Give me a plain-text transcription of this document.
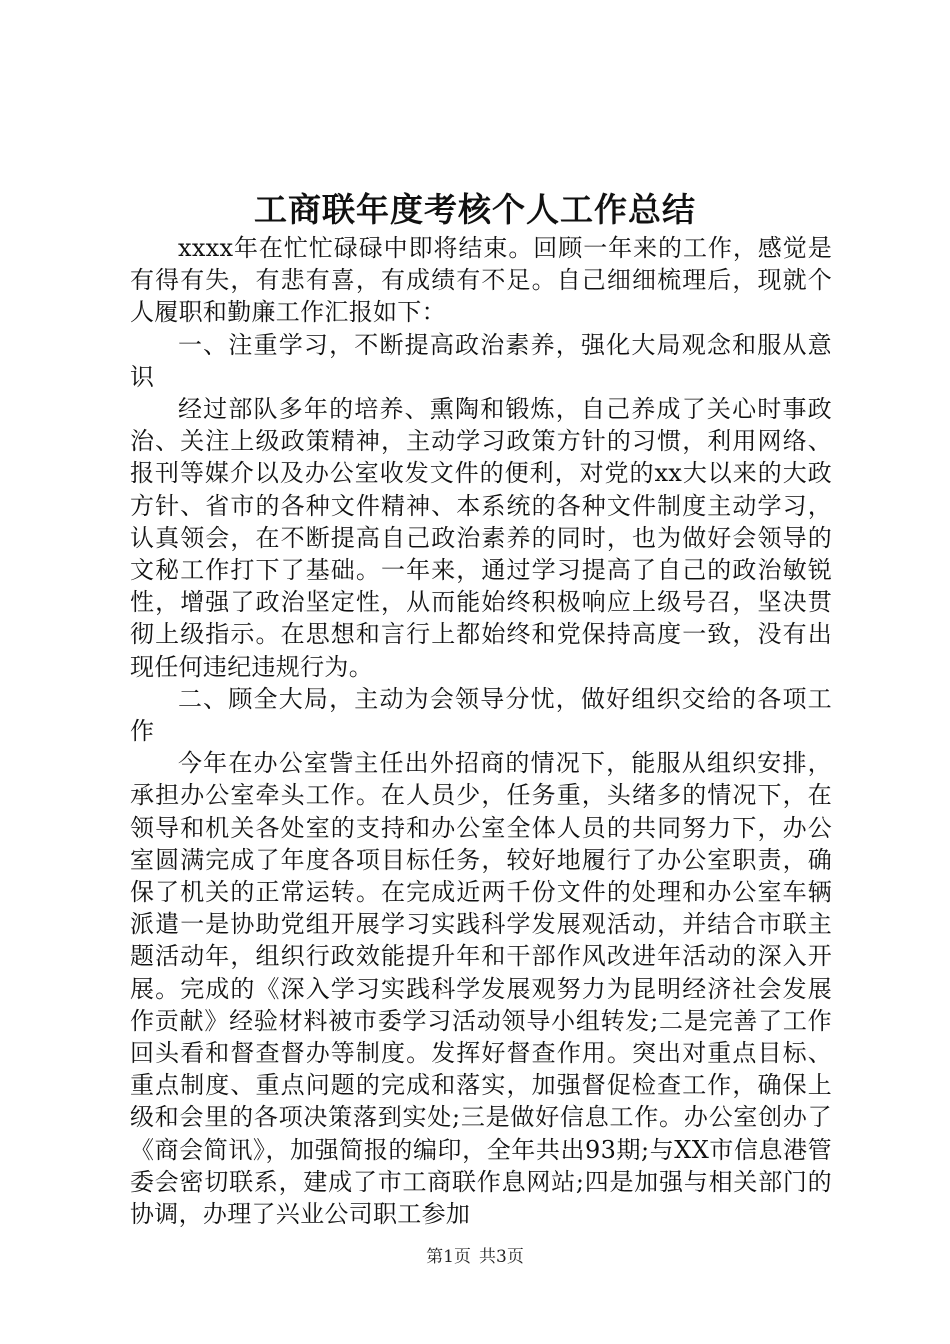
工商联年度考核个人工作总结

xxxx年在忙忙碌碌中即将结束。回顾一年来的工作，感觉是有得有失，有悲有喜，有成绩有不足。自己细细梳理后，现就个人履职和勤廉工作汇报如下：

一、注重学习，不断提高政治素养，强化大局观念和服从意识

经过部队多年的培养、熏陶和锻炼，自己养成了关心时事政治、关注上级政策精神，主动学习政策方针的习惯，利用网络、报刊等媒介以及办公室收发文件的便利，对党的xx大以来的大政方针、省市的各种文件精神、本系统的各种文件制度主动学习，认真领会，在不断提高自己政治素养的同时，也为做好会领导的文秘工作打下了基础。一年来，通过学习提高了自己的政治敏锐性，增强了政治坚定性，从而能始终积极响应上级号召，坚决贯彻上级指示。在思想和言行上都始终和党保持高度一致，没有出现任何违纪违规行为。

二、顾全大局，主动为会领导分忧，做好组织交给的各项工作

今年在办公室訾主任出外招商的情况下，能服从组织安排，承担办公室牵头工作。在人员少，任务重，头绪多的情况下，在领导和机关各处室的支持和办公室全体人员的共同努力下，办公室圆满完成了年度各项目标任务，较好地履行了办公室职责，确保了机关的正常运转。在完成近两千份文件的处理和办公室车辆派遣一是协助党组开展学习实践科学发展观活动，并结合市联主题活动年，组织行政效能提升年和干部作风改进年活动的深入开展。完成的《深入学习实践科学发展观努力为昆明经济社会发展作贡献》经验材料被市委学习活动领导小组转发;二是完善了工作回头看和督查督办等制度。发挥好督查作用。突出对重点目标、重点制度、重点问题的完成和落实，加强督促检查工作，确保上级和会里的各项决策落到实处;三是做好信息工作。办公室创办了《商会简讯》，加强简报的编印，全年共出93期;与XX市信息港管委会密切联系，建成了市工商联作息网站;四是加强与相关部门的协调，办理了兴业公司职工参加

第1页 共3页
